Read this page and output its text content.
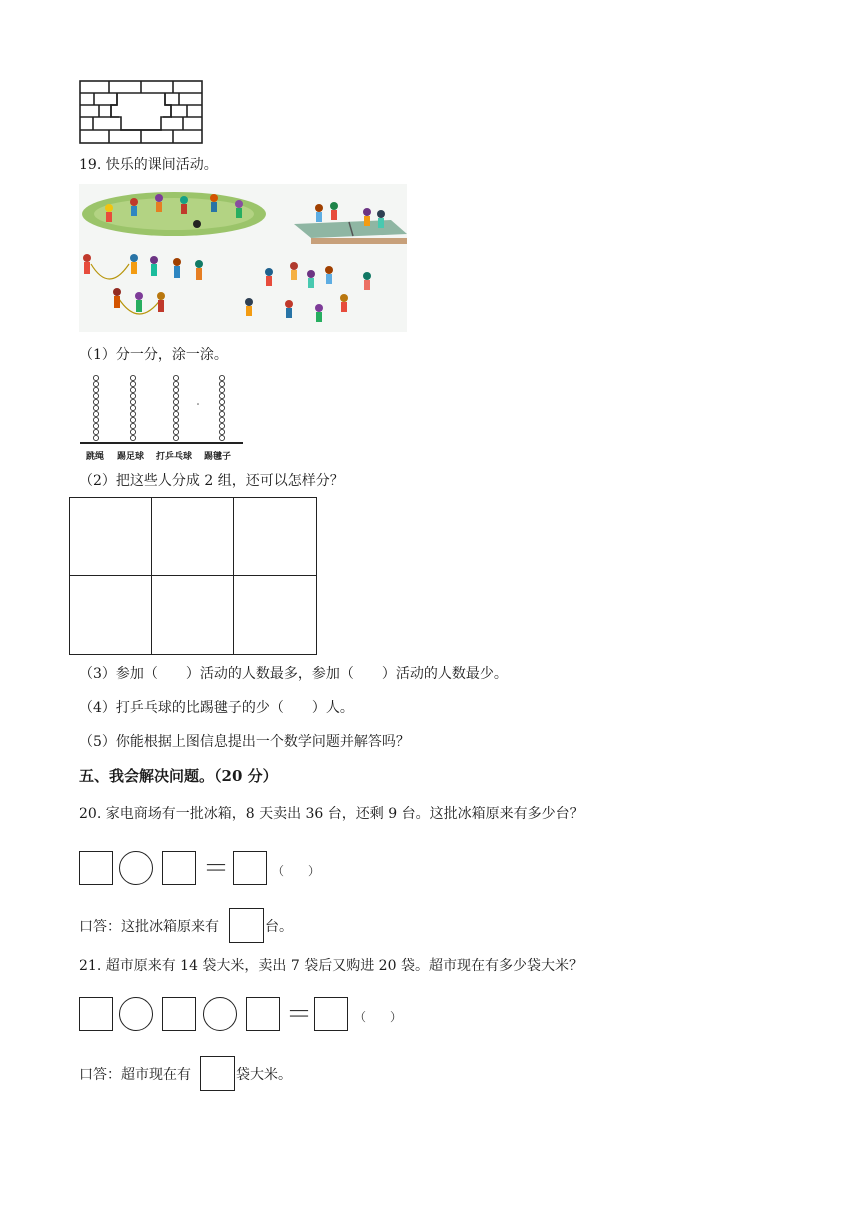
19. 快乐的课间活动。
（1）分一分，涂一涂。
跳绳 踢足球 打乒乓球 踢毽子
（2）把这些人分成 2 组，还可以怎样分？
（3）参加（　　）活动的人数最多，参加（　　）活动的人数最少。
（4）打乒乓球的比踢毽子的少（　　）人。
（5）你能根据上图信息提出一个数学问题并解答吗？
五、我会解决问题。（20 分）
20. 家电商场有一批冰箱，8 天卖出 36 台，还剩 9 台。这批冰箱原来有多少台？
＝	（　　）
口答：这批冰箱原来有	台。
21. 超市原来有 14 袋大米，卖出 7 袋后又购进 20 袋。超市现在有多少袋大米？
＝	（　　）
口答：超市现在有	袋大米。
